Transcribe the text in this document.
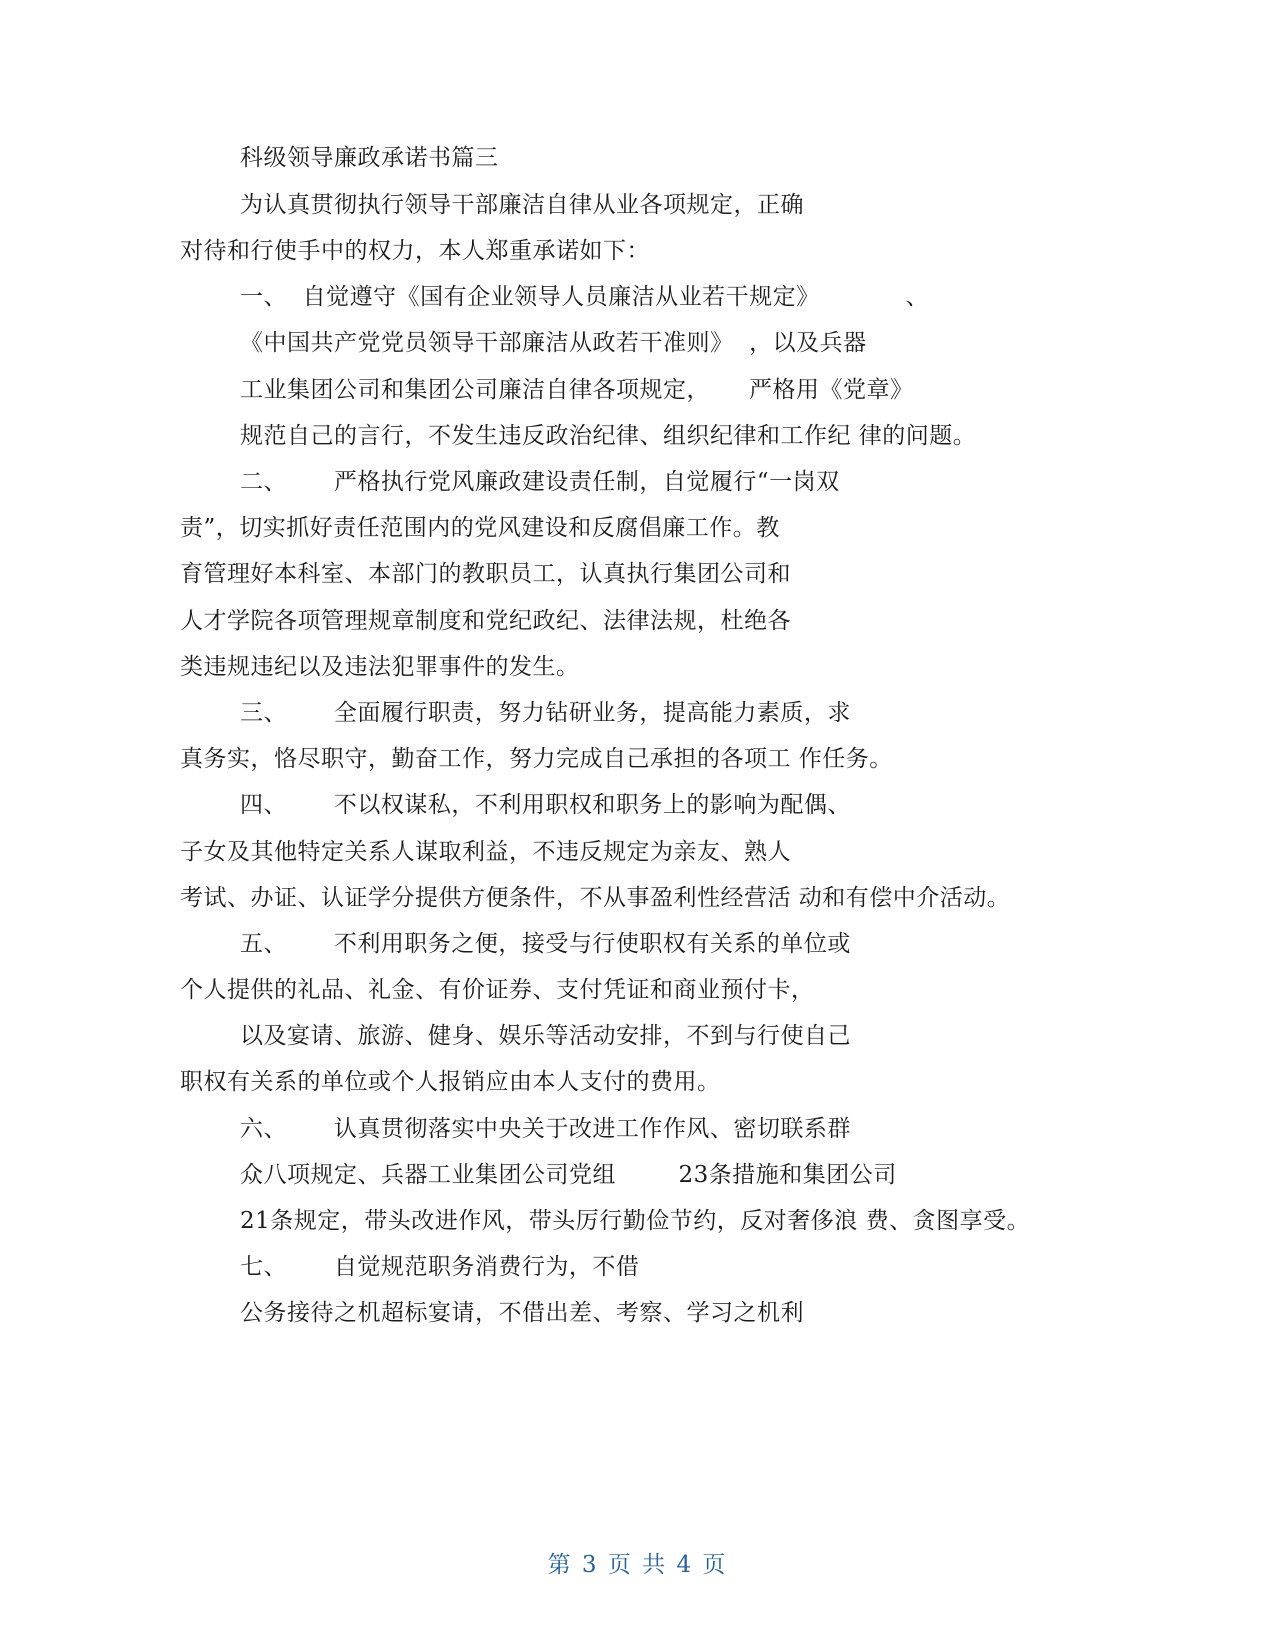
科级领导廉政承诺书篇三
为认真贯彻执行领导干部廉洁自律从业各项规定，正确
对待和行使手中的权力，本人郑重承诺如下：
一、  自觉遵守《国有企业领导人员廉洁从业若干规定》           、
《中国共产党党员领导干部廉洁从政若干准则》  ，以及兵器
工业集团公司和集团公司廉洁自律各项规定，     严格用《党章》
规范自己的言行，不发生违反政治纪律、组织纪律和工作纪 律的问题。
二、      严格执行党风廉政建设责任制，自觉履行“一岗双
责”，切实抓好责任范围内的党风建设和反腐倡廉工作。教
育管理好本科室、本部门的教职员工，认真执行集团公司和
人才学院各项管理规章制度和党纪政纪、法律法规，杜绝各
类违规违纪以及违法犯罪事件的发生。
三、      全面履行职责，努力钻研业务，提高能力素质，求
真务实，恪尽职守，勤奋工作，努力完成自己承担的各项工 作任务。
四、      不以权谋私，不利用职权和职务上的影响为配偶、
子女及其他特定关系人谋取利益，不违反规定为亲友、熟人
考试、办证、认证学分提供方便条件，不从事盈利性经营活 动和有偿中介活动。
五、      不利用职务之便，接受与行使职权有关系的单位或
个人提供的礼品、礼金、有价证券、支付凭证和商业预付卡，
以及宴请、旅游、健身、娱乐等活动安排，不到与行使自己
职权有关系的单位或个人报销应由本人支付的费用。
六、      认真贯彻落实中央关于改进工作作风、密切联系群
众八项规定、兵器工业集团公司党组        23条措施和集团公司
21条规定，带头改进作风，带头厉行勤俭节约，反对奢侈浪 费、贪图享受。
七、      自觉规范职务消费行为，不借
公务接待之机超标宴请，不借出差、考察、学习之机利
第 3 页 共 4 页
